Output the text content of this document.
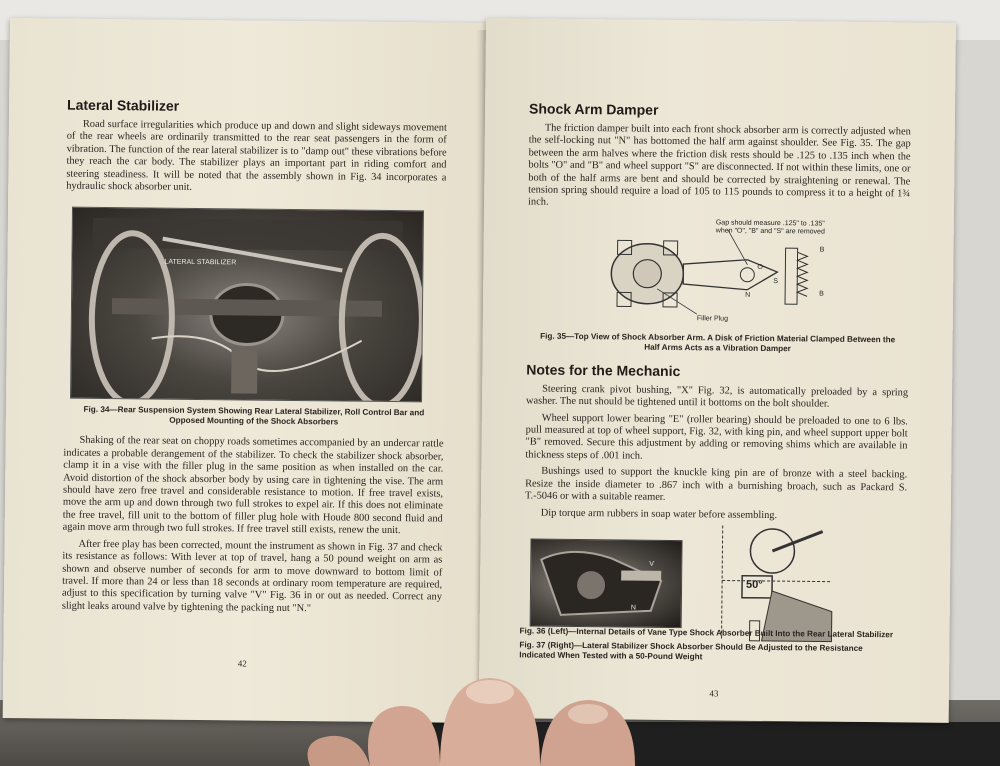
Lateral Stabilizer

Road surface irregularities which produce up and down and slight sideways movement of the rear wheels are ordinarily transmitted to the rear seat passengers in the form of vibration. The function of the rear lateral stabilizer is to "damp out" these vibrations before they reach the car body. The stabilizer plays an important part in riding comfort and steering steadiness. It will be noted that the assembly shown in Fig. 34 incorporates a hydraulic shock absorber unit.

LATERAL STABILIZER
Fig. 34—Rear Suspension System Showing Rear Lateral Stabilizer, Roll Control Bar and Opposed Mounting of the Shock Absorbers

Shaking of the rear seat on choppy roads sometimes accompanied by an undercar rattle indicates a probable derangement of the stabilizer. To check the stabilizer shock absorber, clamp it in a vise with the filler plug in the same position as when installed on the car. Avoid distortion of the shock absorber body by using care in tightening the vise. The arm should have zero free travel and considerable resistance to motion. If free travel exists, move the arm up and down through two full strokes to expel air. If this does not eliminate the free travel, fill unit to the bottom of filler plug hole with Houde 800 second fluid and again move arm through two full strokes. If free travel still exists, renew the unit.

After free play has been corrected, mount the instrument as shown in Fig. 37 and check its resistance as follows: With lever at top of travel, hang a 50 pound weight on arm as shown and observe number of seconds for arm to move downward to bottom limit of travel. If more than 24 or less than 18 seconds at ordinary room temperature are required, adjust to this specification by turning valve "V" Fig. 36 in or out as needed. Correct any slight leaks around valve by tightening the packing nut "N."

42
Shock Arm Damper

The friction damper built into each front shock absorber arm is correctly adjusted when the self-locking nut "N" has bottomed the half arm against shoulder. See Fig. 35. The gap between the arm halves where the friction disk rests should be .125 to .135 inch when the bolts "O" and "B" and wheel support "S" are disconnected. If not within these limits, one or both of the half arms are bent and should be corrected by straightening or renewal. The tension spring should require a load of 105 to 115 pounds to compress it to a height of 1¾ inch.

Gap should measure .125" to .135" when "O", "B" and "S" are removed
Filler Plug
B
B
O
S
N
Fig. 35—Top View of Shock Absorber Arm. A Disk of Friction Material Clamped Between the Half Arms Acts as a Vibration Damper
Notes for the Mechanic

Steering crank pivot bushing, "X" Fig. 32, is automatically preloaded by a spring washer. The nut should be tightened until it bottoms on the bolt shoulder.

Wheel support lower bearing "E" (roller bearing) should be preloaded to one to 6 lbs. pull measured at top of wheel support, Fig. 32, with king pin, and wheel support upper bolt "B" removed. Secure this adjustment by adding or removing shims which are available in thickness steps of .001 inch.

Bushings used to support the knuckle king pin are of bronze with a steel backing. Resize the inside diameter to .867 inch with a burnishing broach, such as Packard S. T.-5046 or with a suitable reamer.

Dip torque arm rubbers in soap water before assembling.

V
N
50°
Fig. 36 (Left)—Internal Details of Vane Type Shock Absorber Built Into the Rear Lateral Stabilizer
Fig. 37 (Right)—Lateral Stabilizer Shock Absorber Should Be Adjusted to the Resistance Indicated When Tested with a 50-Pound Weight
43
